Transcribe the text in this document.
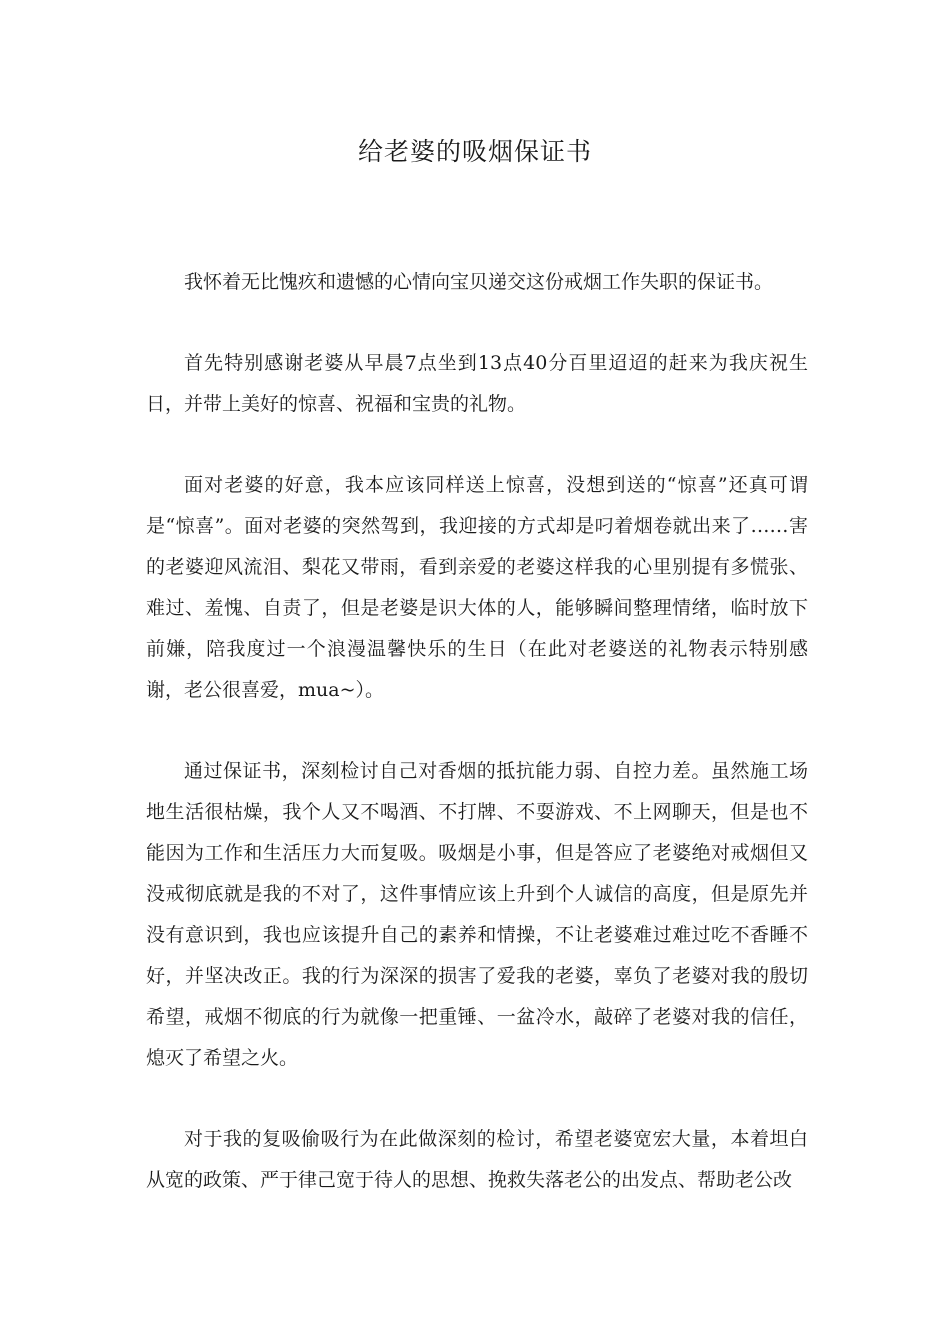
给老婆的吸烟保证书

我怀着无比愧疚和遗憾的心情向宝贝递交这份戒烟工作失职的保证书。

首先特别感谢老婆从早晨7点坐到13点40分百里迢迢的赶来为我庆祝生日，并带上美好的惊喜、祝福和宝贵的礼物。

面对老婆的好意，我本应该同样送上惊喜，没想到送的“惊喜”还真可谓是“惊喜”。面对老婆的突然驾到，我迎接的方式却是叼着烟卷就出来了……害的老婆迎风流泪、梨花又带雨，看到亲爱的老婆这样我的心里别提有多慌张、难过、羞愧、自责了，但是老婆是识大体的人，能够瞬间整理情绪，临时放下前嫌，陪我度过一个浪漫温馨快乐的生日（在此对老婆送的礼物表示特别感谢，老公很喜爱，mua~）。

通过保证书，深刻检讨自己对香烟的抵抗能力弱、自控力差。虽然施工场地生活很枯燥，我个人又不喝酒、不打牌、不耍游戏、不上网聊天，但是也不能因为工作和生活压力大而复吸。吸烟是小事，但是答应了老婆绝对戒烟但又没戒彻底就是我的不对了，这件事情应该上升到个人诚信的高度，但是原先并没有意识到，我也应该提升自己的素养和情操，不让老婆难过难过吃不香睡不好，并坚决改正。我的行为深深的损害了爱我的老婆，辜负了老婆对我的殷切希望，戒烟不彻底的行为就像一把重锤、一盆冷水，敲碎了老婆对我的信任，熄灭了希望之火。

对于我的复吸偷吸行为在此做深刻的检讨，希望老婆宽宏大量，本着坦白从宽的政策、严于律己宽于待人的思想、挽救失落老公的出发点、帮助老公改
